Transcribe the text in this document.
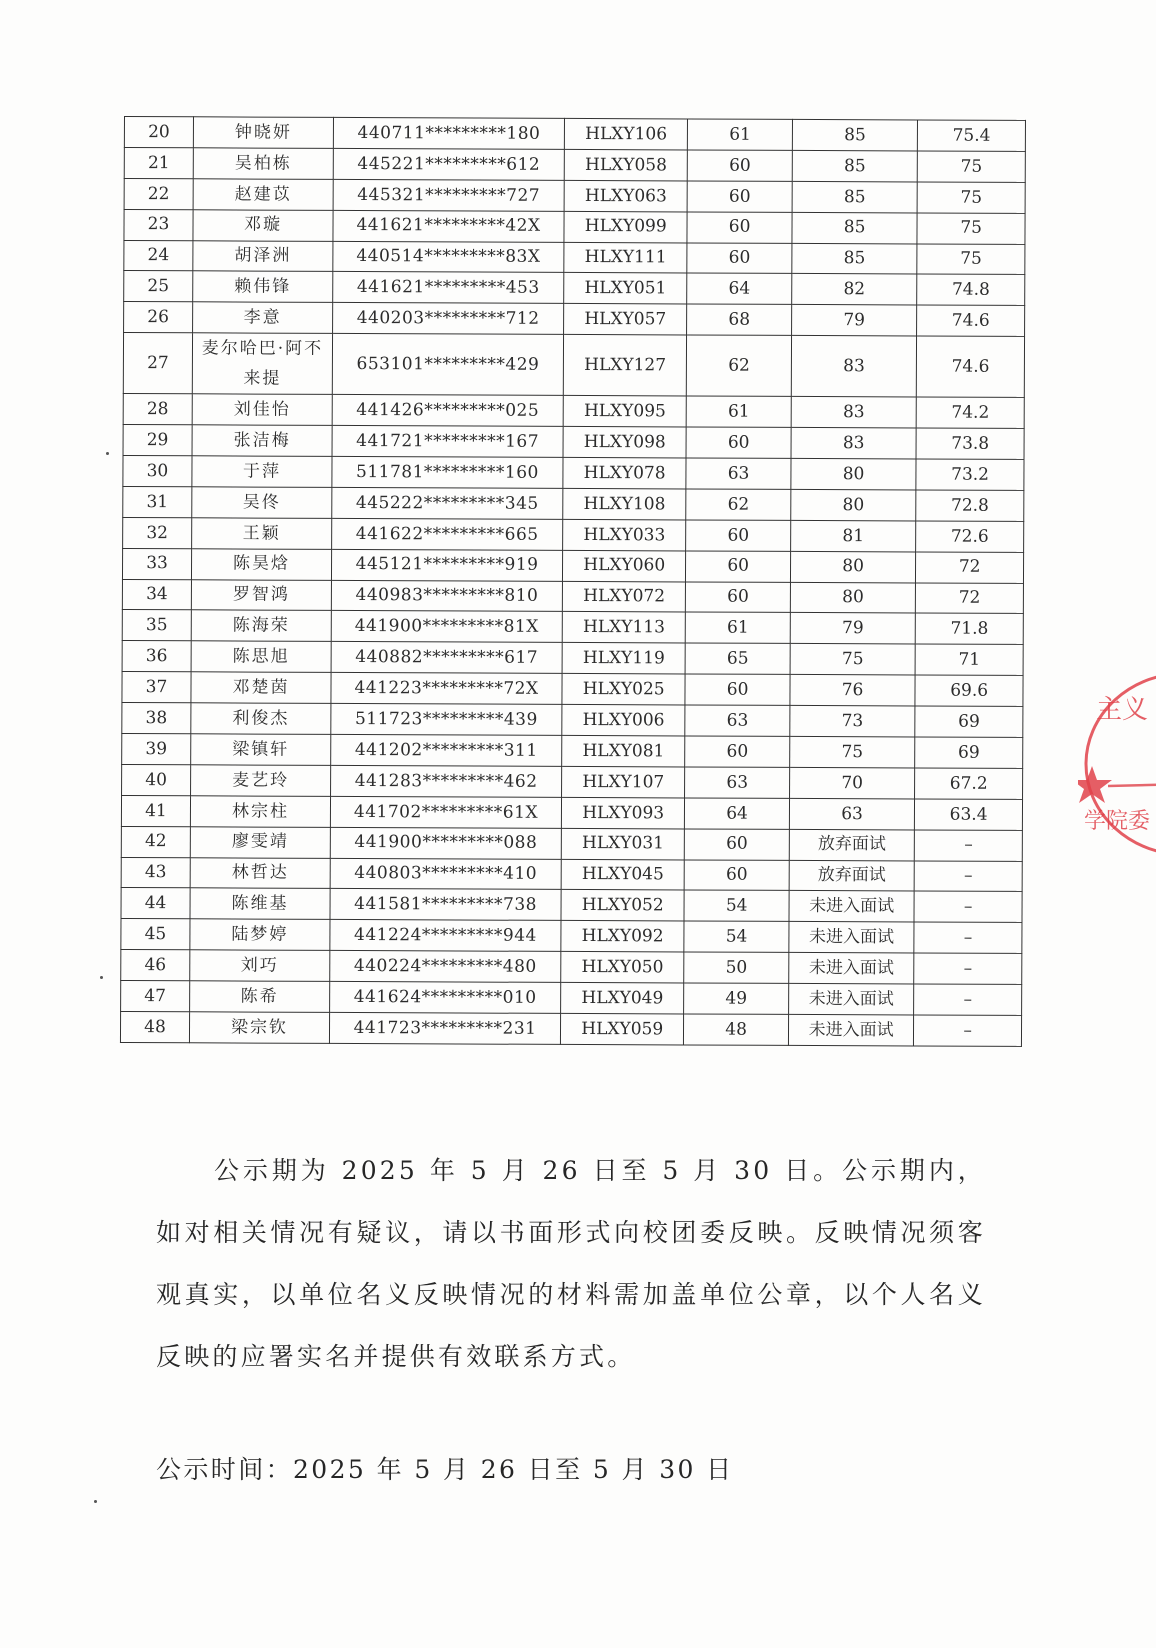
20	钟晓妍	440711*********180	HLXY106	61	85	75.4
21	吴柏栋	445221*********612	HLXY058	60	85	75
22	赵建苡	445321*********727	HLXY063	60	85	75
23	邓璇	441621*********42X	HLXY099	60	85	75
24	胡泽洲	440514*********83X	HLXY111	60	85	75
25	赖伟锋	441621*********453	HLXY051	64	82	74.8
26	李意	440203*********712	HLXY057	68	79	74.6
27	麦尔哈巴·阿不来提	653101*********429	HLXY127	62	83	74.6
28	刘佳怡	441426*********025	HLXY095	61	83	74.2
29	张洁梅	441721*********167	HLXY098	60	83	73.8
30	于萍	511781*********160	HLXY078	63	80	73.2
31	吴佟	445222*********345	HLXY108	62	80	72.8
32	王颖	441622*********665	HLXY033	60	81	72.6
33	陈昊焓	445121*********919	HLXY060	60	80	72
34	罗智鸿	440983*********810	HLXY072	60	80	72
35	陈海荣	441900*********81X	HLXY113	61	79	71.8
36	陈思旭	440882*********617	HLXY119	65	75	71
37	邓楚茵	441223*********72X	HLXY025	60	76	69.6
38	利俊杰	511723*********439	HLXY006	63	73	69
39	梁镇轩	441202*********311	HLXY081	60	75	69
40	麦艺玲	441283*********462	HLXY107	63	70	67.2
41	林宗柱	441702*********61X	HLXY093	64	63	63.4
42	廖雯靖	441900*********088	HLXY031	60	放弃面试	–
43	林哲达	440803*********410	HLXY045	60	放弃面试	–
44	陈维基	441581*********738	HLXY052	54	未进入面试	–
45	陆梦婷	441224*********944	HLXY092	54	未进入面试	–
46	刘巧	440224*********480	HLXY050	50	未进入面试	–
47	陈希	441624*********010	HLXY049	49	未进入面试	–
48	梁宗钦	441723*********231	HLXY059	48	未进入面试	–

公示期为 2025 年 5 月 26 日至 5 月 30 日。公示期内，如对相关情况有疑议，请以书面形式向校团委反映。反映情况须客观真实，以单位名义反映情况的材料需加盖单位公章，以个人名义反映的应署实名并提供有效联系方式。

公示时间：2025 年 5 月 26 日至 5 月 30 日

主义
学院委
